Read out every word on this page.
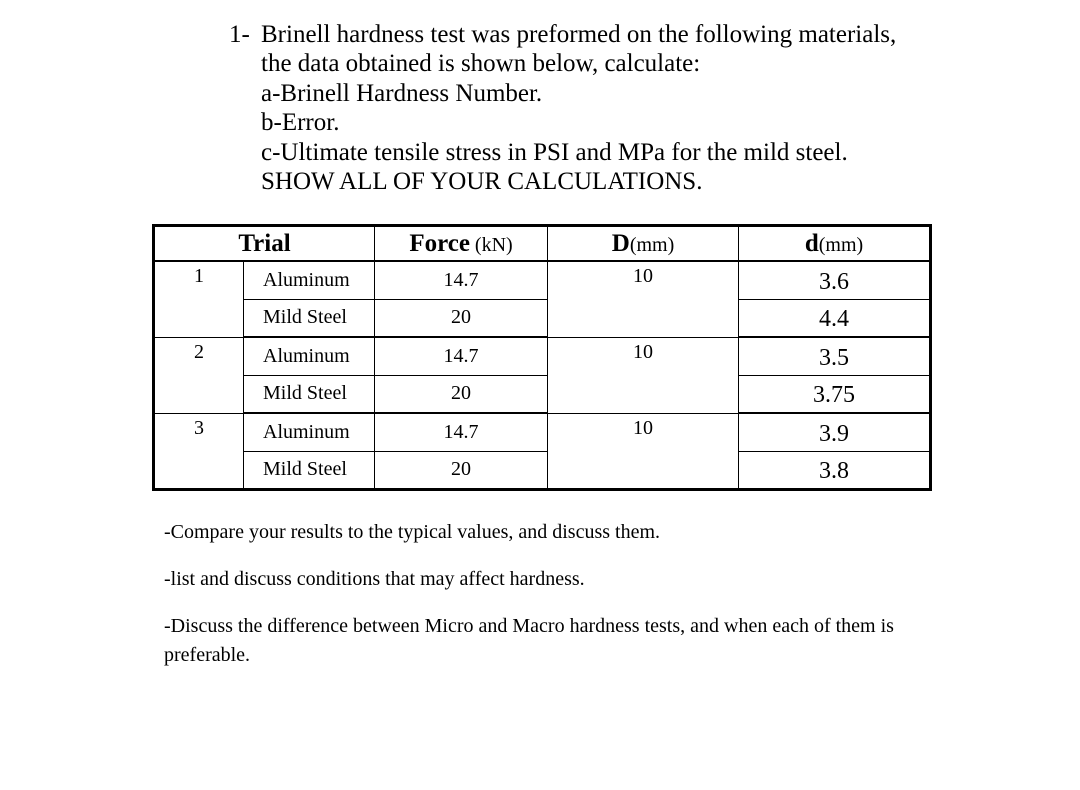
1- Brinell hardness test was preformed on the following materials,
the data obtained is shown below, calculate:
a-Brinell Hardness Number.
b-Error.
c-Ultimate tensile stress in PSI and MPa for the mild steel.
SHOW ALL OF YOUR CALCULATIONS.
Trial		Force (kN)	D(mm)	d(mm)
1	Aluminum	14.7	10	3.6
	Mild Steel	20		4.4
2	Aluminum	14.7	10	3.5
	Mild Steel	20		3.75
3	Aluminum	14.7	10	3.9
	Mild Steel	20		3.8

-Compare your results to the typical values, and discuss them.

-list and discuss conditions that may affect hardness.

-Discuss the difference between Micro and Macro hardness tests, and when each of them is preferable.
